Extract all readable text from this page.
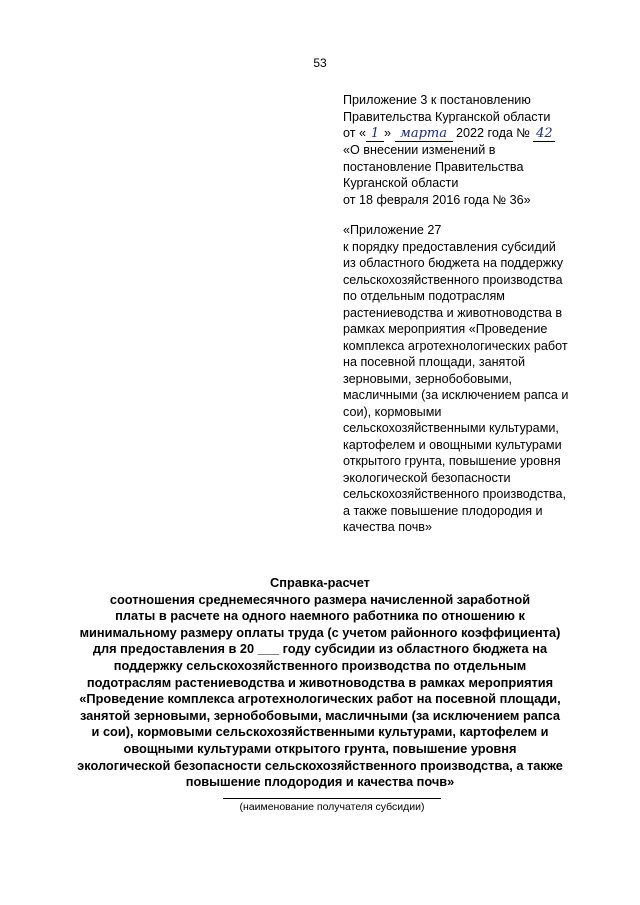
53
Приложение 3 к постановлению
Правительства Курганской области
от « 1 » марта 2022 года № 42
«О внесении изменений в
постановление Правительства
Курганской области
от 18 февраля 2016 года № 36»
«Приложение 27
к порядку предоставления субсидий
из областного бюджета на поддержку
сельскохозяйственного производства
по отдельным подотраслям
растениеводства и животноводства в
рамках мероприятия «Проведение
комплекса агротехнологических работ
на посевной площади, занятой
зерновыми, зернобобовыми,
масличными (за исключением рапса и
сои), кормовыми
сельскохозяйственными культурами,
картофелем и овощными культурами
открытого грунта, повышение уровня
экологической безопасности
сельскохозяйственного производства,
а также повышение плодородия и
качества почв»
Справка-расчет
соотношения среднемесячного размера начисленной заработной
платы в расчете на одного наемного работника по отношению к
минимальному размеру оплаты труда (с учетом районного коэффициента)
для предоставления в 20 ___ году субсидии из областного бюджета на
поддержку сельскохозяйственного производства по отдельным
подотраслям растениеводства и животноводства в рамках мероприятия
«Проведение комплекса агротехнологических работ на посевной площади,
занятой зерновыми, зернобобовыми, масличными (за исключением рапса
и сои), кормовыми сельскохозяйственными культурами, картофелем и
овощными культурами открытого грунта, повышение уровня
экологической безопасности сельскохозяйственного производства, а также
повышение плодородия и качества почв»
(наименование получателя субсидии)
